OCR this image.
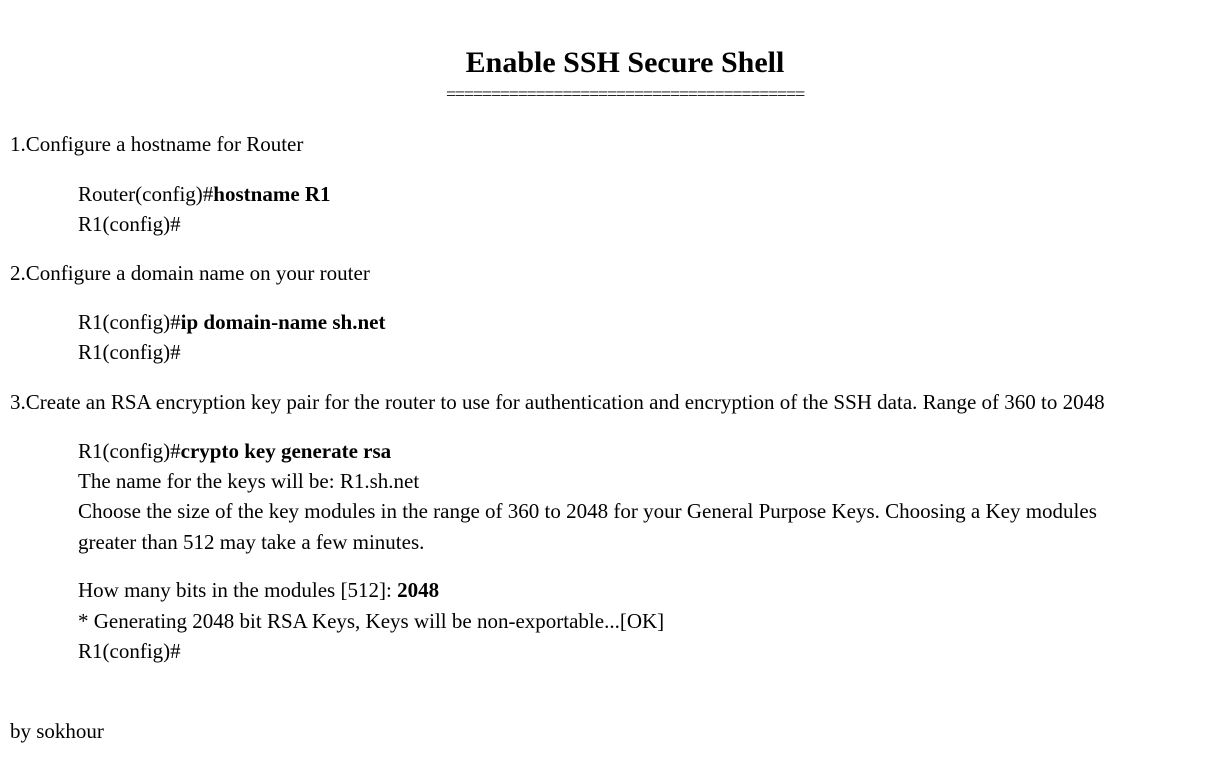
Enable SSH Secure Shell
========================================
1.Configure a hostname for Router
Router(config)#hostname R1
R1(config)#
2.Configure a domain name on your router
R1(config)#ip domain-name sh.net
R1(config)#
3.Create an RSA encryption key pair for the router to use for authentication and encryption of the SSH data. Range of 360 to 2048
R1(config)#crypto key generate rsa
The name for the keys will be: R1.sh.net
Choose the size of the key modules in the range of 360 to 2048 for your General Purpose Keys. Choosing a Key modules
greater than 512 may take a few minutes.
How many bits in the modules [512]: 2048
* Generating 2048 bit RSA Keys, Keys will be non-exportable...[OK]
R1(config)#
by sokhour
